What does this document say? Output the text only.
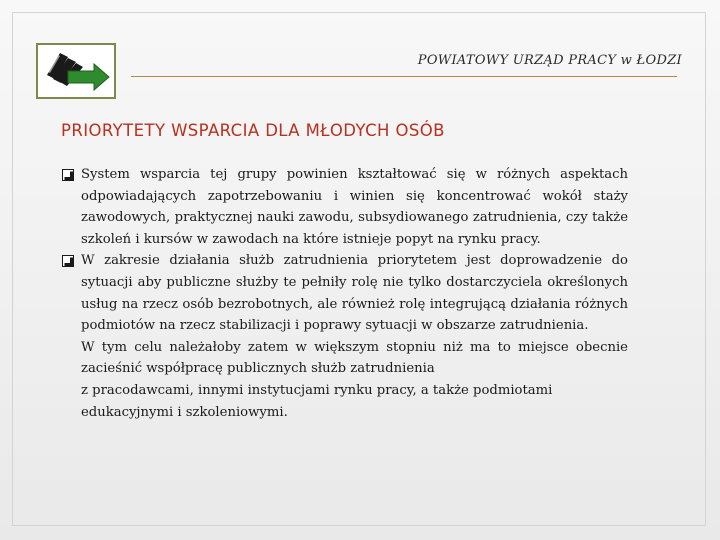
POWIATOWY URZĄD PRACY w ŁODZI
PRIORYTETY WSPARCIA DLA MŁODYCH OSÓB

System wsparcia tej grupy powinien kształtować się w różnych aspektach odpowiadających zapotrzebowaniu i winien się koncentrować wokół staży zawodowych, praktycznej nauki zawodu, subsydiowanego zatrudnienia, czy także szkoleń i kursów w zawodach na które istnieje popyt na rynku pracy.

W zakresie działania służb zatrudnienia priorytetem jest doprowadzenie do sytuacji aby publiczne służby te pełniły rolę nie tylko dostarczyciela określonych usług na rzecz osób bezrobotnych, ale również rolę integrującą działania różnych podmiotów na rzecz stabilizacji i poprawy sytuacji w obszarze zatrudnienia.

W tym celu należałoby zatem w większym stopniu niż ma to miejsce obecnie zacieśnić współpracę publicznych służb zatrudnienia
z pracodawcami, innymi instytucjami rynku pracy, a także podmiotami edukacyjnymi i szkoleniowymi.
